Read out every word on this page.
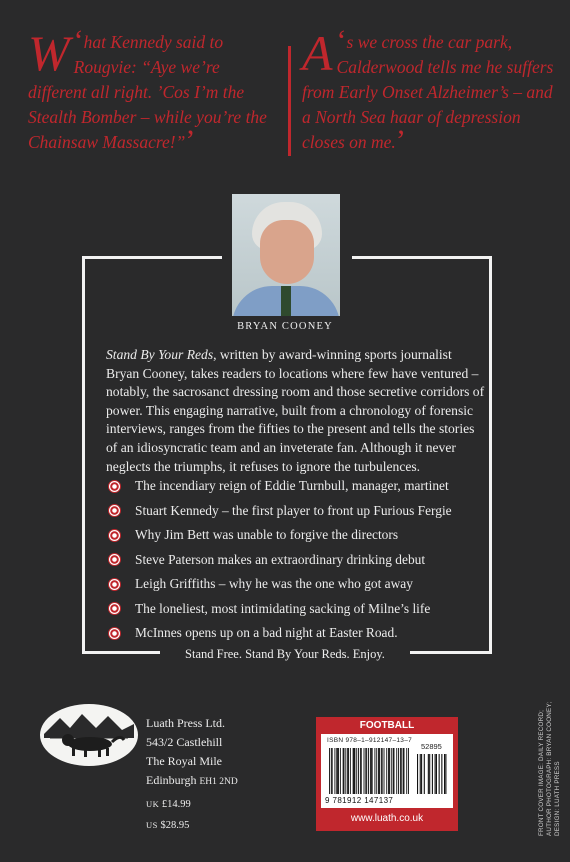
‘
W hat Kennedy said to Rougvie: “Aye we’re different all right. ’Cos I’m the Stealth Bomber – while you’re the Chainsaw Massacre!”’
‘
A s we cross the car park, Calderwood tells me he suffers from Early Onset Alzheimer’s – and a North Sea haar of depression closes on me.’
BRYAN COONEY

Stand By Your Reds, written by award-winning sports journalist Bryan Cooney, takes readers to locations where few have ventured – notably, the sacrosanct dressing room and those secretive corridors of power. This engaging narrative, built from a chronology of forensic interviews, ranges from the fifties to the present and tells the stories of an idiosyncratic team and an inveterate fan. Although it never neglects the triumphs, it refuses to ignore the turbulences.

The incendiary reign of Eddie Turnbull, manager, martinet
Stuart Kennedy – the first player to front up Furious Fergie
Why Jim Bett was unable to forgive the directors
Steve Paterson makes an extraordinary drinking debut
Leigh Griffiths – why he was the one who got away
The loneliest, most intimidating sacking of Milne’s life
McInnes opens up on a bad night at Easter Road.
Stand Free. Stand By Your Reds. Enjoy.
Luath Press Ltd.
543/2 Castlehill
The Royal Mile
Edinburgh EH1 2ND
UK £14.99
US $28.95
FOOTBALL
ISBN 978–1–912147–13–7
52895
9 781912 147137
www.luath.co.uk	FRONT COVER IMAGE: DAILY RECORD; AUTHOR PHOTOGRAPH: BRYAN COONEY; DESIGN: LUATH PRESS
